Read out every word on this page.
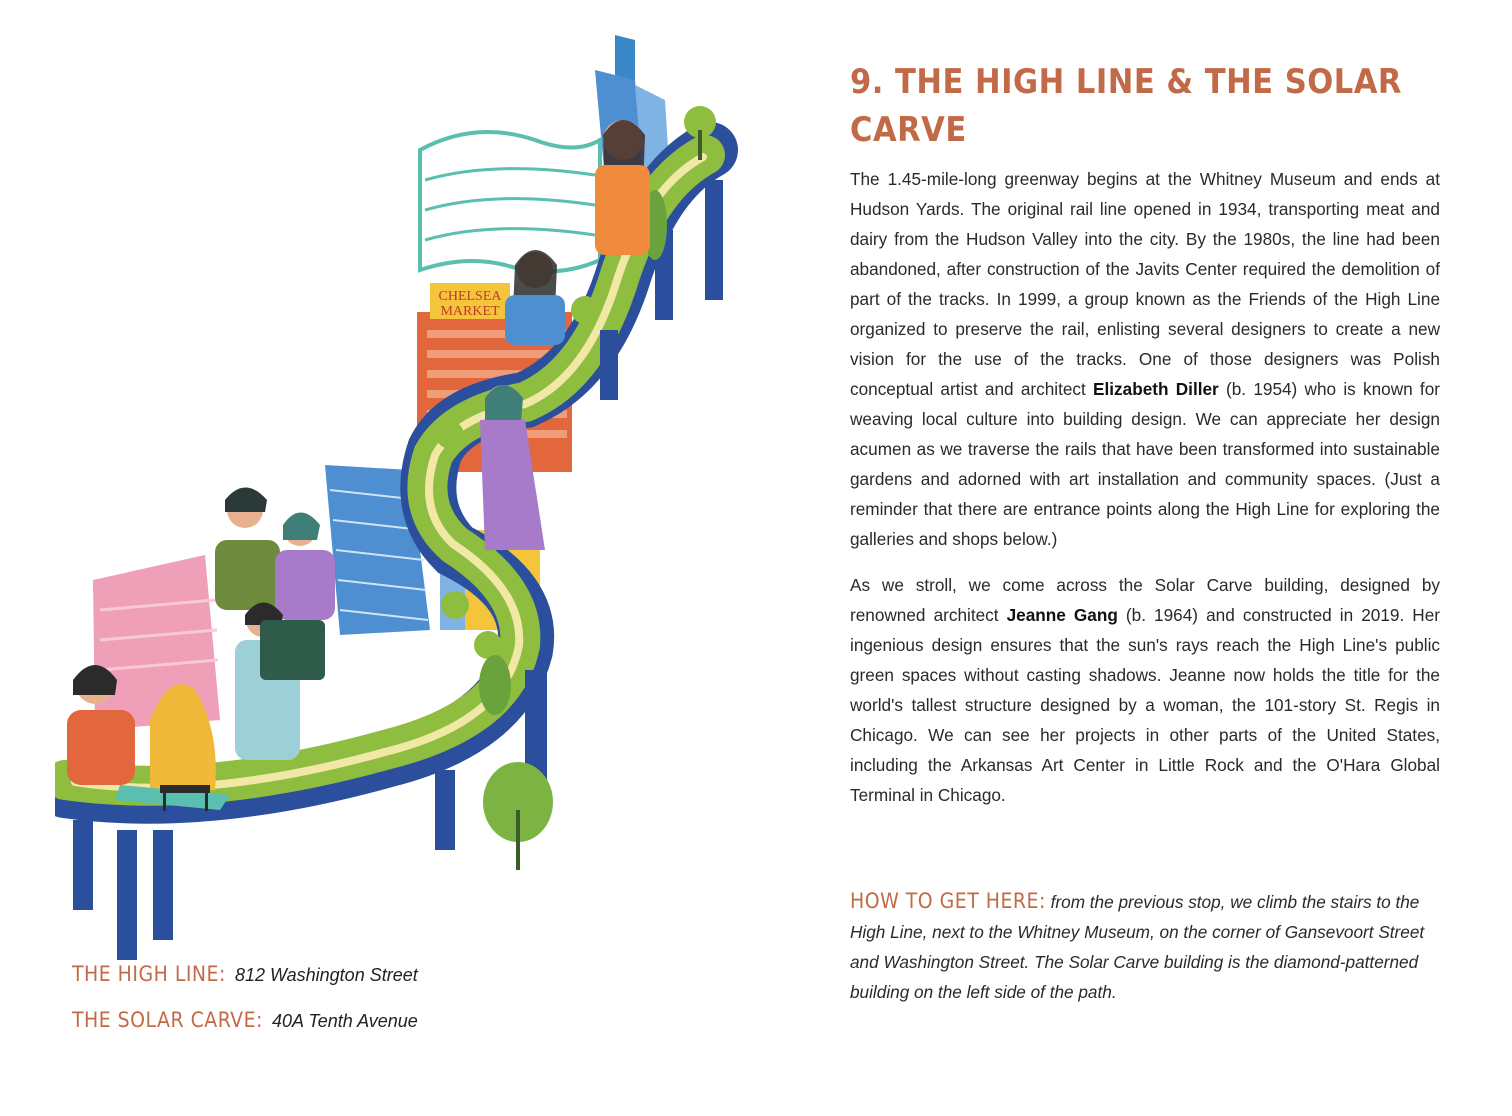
CHELSEA
MARKET
THE HIGH LINE: 812 Washington Street
THE SOLAR CARVE: 40A Tenth Avenue
9. THE HIGH LINE & THE SOLAR CARVE

The 1.45-mile-long greenway begins at the Whitney Museum and ends at Hudson Yards. The original rail line opened in 1934, transporting meat and dairy from the Hudson Valley into the city. By the 1980s, the line had been abandoned, after construction of the Javits Center required the demolition of part of the tracks. In 1999, a group known as the Friends of the High Line organized to preserve the rail, enlisting several designers to create a new vision for the use of the tracks. One of those designers was Polish conceptual artist and architect Elizabeth Diller (b. 1954) who is known for weaving local culture into building design. We can appreciate her design acumen as we traverse the rails that have been transformed into sustainable gardens and adorned with art installation and community spaces. (Just a reminder that there are entrance points along the High Line for exploring the galleries and shops below.)

As we stroll, we come across the Solar Carve building, designed by renowned architect Jeanne Gang (b. 1964) and constructed in 2019. Her ingenious design ensures that the sun's rays reach the High Line's public green spaces without casting shadows. Jeanne now holds the title for the world's tallest structure designed by a woman, the 101-story St. Regis in Chicago. We can see her projects in other parts of the United States, including the Arkansas Art Center in Little Rock and the O'Hara Global Terminal in Chicago.

HOW TO GET HERE: from the previous stop, we climb the stairs to the High Line, next to the Whitney Museum, on the corner of Gansevoort Street and Washington Street. The Solar Carve building is the diamond-patterned building on the left side of the path.
